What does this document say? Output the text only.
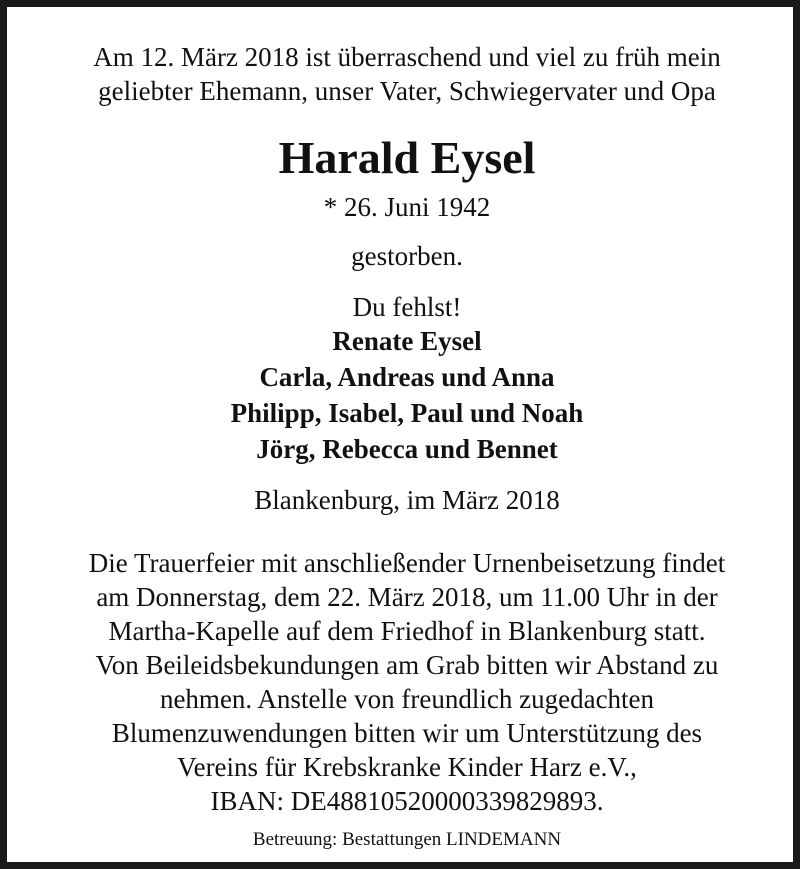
Am 12. März 2018 ist überraschend und viel zu früh mein
geliebter Ehemann, unser Vater, Schwiegervater und Opa
Harald Eysel
* 26. Juni 1942
gestorben.
Du fehlst!
Renate Eysel
Carla, Andreas und Anna
Philipp, Isabel, Paul und Noah
Jörg, Rebecca und Bennet
Blankenburg, im März 2018
Die Trauerfeier mit anschließender Urnenbeisetzung findet
am Donnerstag, dem 22. März 2018, um 11.00 Uhr in der
Martha-Kapelle auf dem Friedhof in Blankenburg statt.
Von Beileidsbekundungen am Grab bitten wir Abstand zu
nehmen. Anstelle von freundlich zugedachten
Blumenzuwendungen bitten wir um Unterstützung des
Vereins für Krebskranke Kinder Harz e.V.,
IBAN: DE48810520000339829893.
Betreuung: Bestattungen LINDEMANN
